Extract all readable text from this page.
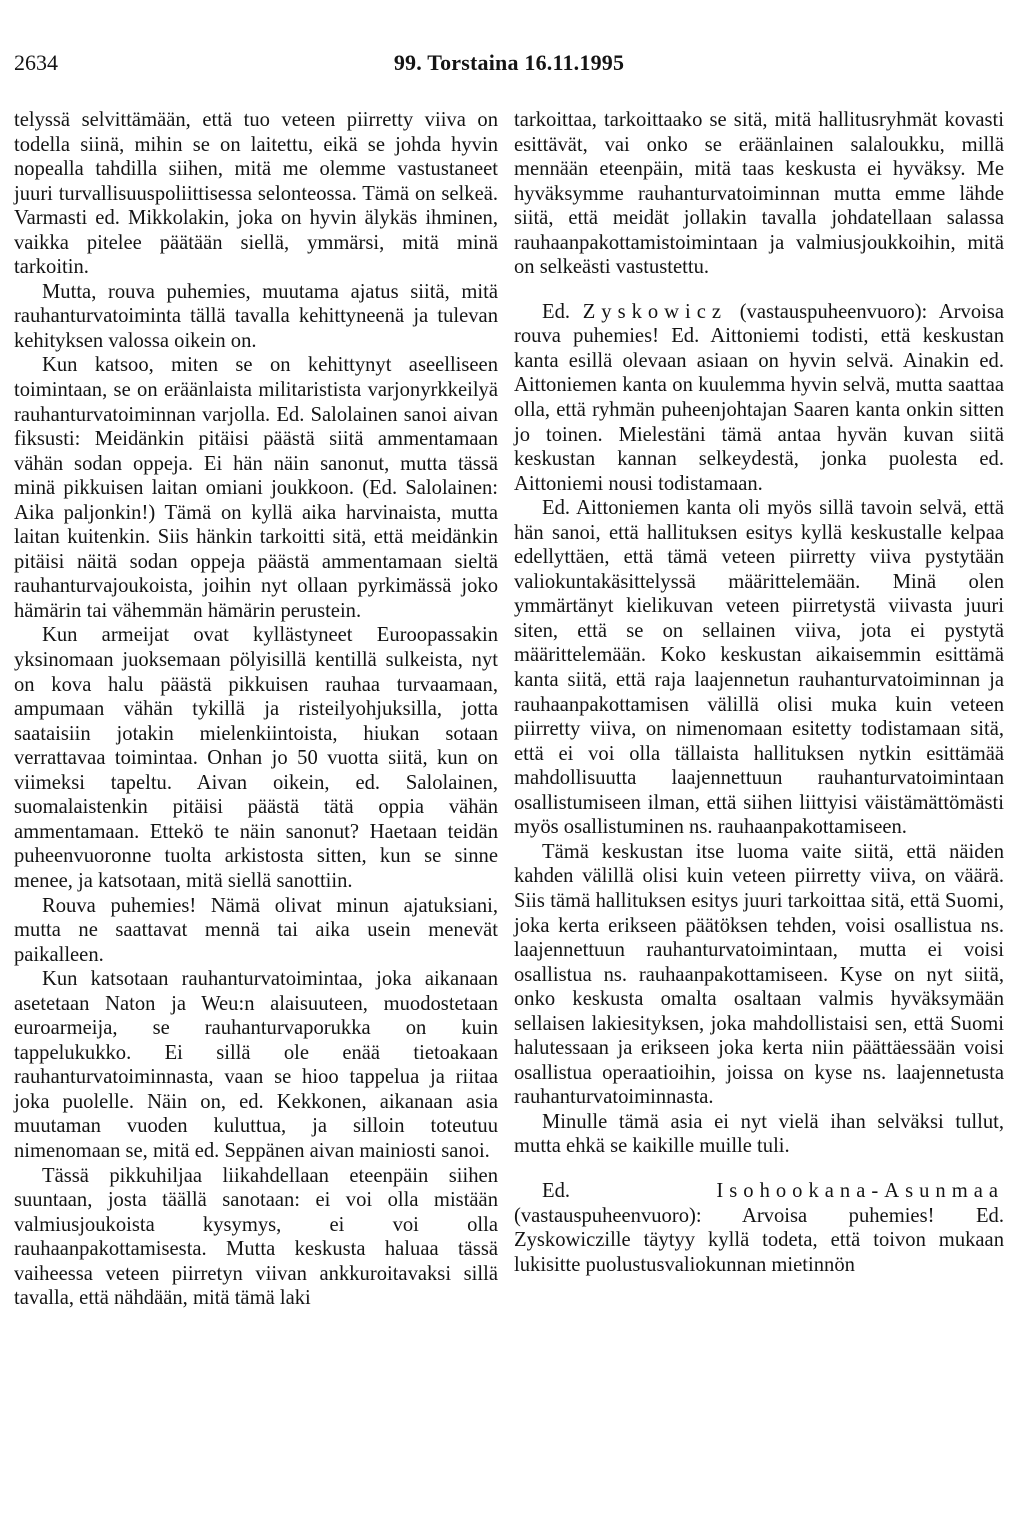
2634	99. Torstaina 16.11.1995

telyssä selvittämään, että tuo veteen piirretty viiva on todella siinä, mihin se on laitettu, eikä se johda hyvin nopealla tahdilla siihen, mitä me olemme vastustaneet juuri turvallisuuspoliittisessa selonteossa. Tämä on selkeä. Varmasti ed. Mikkolakin, joka on hyvin älykäs ihminen, vaikka pitelee päätään siellä, ymmärsi, mitä minä tarkoitin.

Mutta, rouva puhemies, muutama ajatus siitä, mitä rauhanturvatoiminta tällä tavalla kehittyneenä ja tulevan kehityksen valossa oikein on.

Kun katsoo, miten se on kehittynyt aseelliseen toimintaan, se on eräänlaista militaristista varjonyrkkeilyä rauhanturvatoiminnan varjolla. Ed. Salolainen sanoi aivan fiksusti: Meidänkin pitäisi päästä siitä ammentamaan vähän sodan oppeja. Ei hän näin sanonut, mutta tässä minä pikkuisen laitan omiani joukkoon. (Ed. Salolainen: Aika paljonkin!) Tämä on kyllä aika harvinaista, mutta laitan kuitenkin. Siis hänkin tarkoitti sitä, että meidänkin pitäisi näitä sodan oppeja päästä ammentamaan sieltä rauhanturvajoukoista, joihin nyt ollaan pyrkimässä joko hämärin tai vähemmän hämärin perustein.

Kun armeijat ovat kyllästyneet Euroopassakin yksinomaan juoksemaan pölyisillä kentillä sulkeista, nyt on kova halu päästä pikkuisen rauhaa turvaamaan, ampumaan vähän tykillä ja risteilyohjuksilla, jotta saataisiin jotakin mielenkiintoista, hiukan sotaan verrattavaa toimintaa. Onhan jo 50 vuotta siitä, kun on viimeksi tapeltu. Aivan oikein, ed. Salolainen, suomalaistenkin pitäisi päästä tätä oppia vähän ammentamaan. Ettekö te näin sanonut? Haetaan teidän puheenvuoronne tuolta arkistosta sitten, kun se sinne menee, ja katsotaan, mitä siellä sanottiin.

Rouva puhemies! Nämä olivat minun ajatuksiani, mutta ne saattavat mennä tai aika usein menevät paikalleen.

Kun katsotaan rauhanturvatoimintaa, joka aikanaan asetetaan Naton ja Weu:n alaisuuteen, muodostetaan euroarmeija, se rauhanturvaporukka on kuin tappelukukko. Ei sillä ole enää tietoakaan rauhanturvatoiminnasta, vaan se hioo tappelua ja riitaa joka puolelle. Näin on, ed. Kekkonen, aikanaan asia muutaman vuoden kuluttua, ja silloin toteutuu nimenomaan se, mitä ed. Seppänen aivan mainiosti sanoi.

Tässä pikkuhiljaa liikahdellaan eteenpäin siihen suuntaan, josta täällä sanotaan: ei voi olla mistään valmiusjoukoista kysymys, ei voi olla rauhaanpakottamisesta. Mutta keskusta haluaa tässä vaiheessa veteen piirretyn viivan ankkuroitavaksi sillä tavalla, että nähdään, mitä tämä laki

tarkoittaa, tarkoittaako se sitä, mitä hallitusryhmät kovasti esittävät, vai onko se eräänlainen salaloukku, millä mennään eteenpäin, mitä taas keskusta ei hyväksy. Me hyväksymme rauhanturvatoiminnan mutta emme lähde siitä, että meidät jollakin tavalla johdatellaan salassa rauhaanpakottamistoimintaan ja valmiusjoukkoihin, mitä on selkeästi vastustettu.

Ed. Zyskowicz (vastauspuheenvuoro): Arvoisa rouva puhemies! Ed. Aittoniemi todisti, että keskustan kanta esillä olevaan asiaan on hyvin selvä. Ainakin ed. Aittoniemen kanta on kuulemma hyvin selvä, mutta saattaa olla, että ryhmän puheenjohtajan Saaren kanta onkin sitten jo toinen. Mielestäni tämä antaa hyvän kuvan siitä keskustan kannan selkeydestä, jonka puolesta ed. Aittoniemi nousi todistamaan.

Ed. Aittoniemen kanta oli myös sillä tavoin selvä, että hän sanoi, että hallituksen esitys kyllä keskustalle kelpaa edellyttäen, että tämä veteen piirretty viiva pystytään valiokuntakäsittelyssä määrittelemään. Minä olen ymmärtänyt kielikuvan veteen piirretystä viivasta juuri siten, että se on sellainen viiva, jota ei pystytä määrittelemään. Koko keskustan aikaisemmin esittämä kanta siitä, että raja laajennetun rauhanturvatoiminnan ja rauhaanpakottamisen välillä olisi muka kuin veteen piirretty viiva, on nimenomaan esitetty todistamaan sitä, että ei voi olla tällaista hallituksen nytkin esittämää mahdollisuutta laajennettuun rauhanturvatoimintaan osallistumiseen ilman, että siihen liittyisi väistämättömästi myös osallistuminen ns. rauhaanpakottamiseen.

Tämä keskustan itse luoma vaite siitä, että näiden kahden välillä olisi kuin veteen piirretty viiva, on väärä. Siis tämä hallituksen esitys juuri tarkoittaa sitä, että Suomi, joka kerta erikseen päätöksen tehden, voisi osallistua ns. laajennettuun rauhanturvatoimintaan, mutta ei voisi osallistua ns. rauhaanpakottamiseen. Kyse on nyt siitä, onko keskusta omalta osaltaan valmis hyväksymään sellaisen lakiesityksen, joka mahdollistaisi sen, että Suomi halutessaan ja erikseen joka kerta niin päättäessään voisi osallistua operaatioihin, joissa on kyse ns. laajennetusta rauhanturvatoiminnasta.

Minulle tämä asia ei nyt vielä ihan selväksi tullut, mutta ehkä se kaikille muille tuli.

Ed.	Isohookana-Asunmaa (vastauspuheenvuoro): Arvoisa puhemies! Ed. Zyskowiczille täytyy kyllä todeta, että toivon mukaan lukisitte puolustusvaliokunnan mietinnön
